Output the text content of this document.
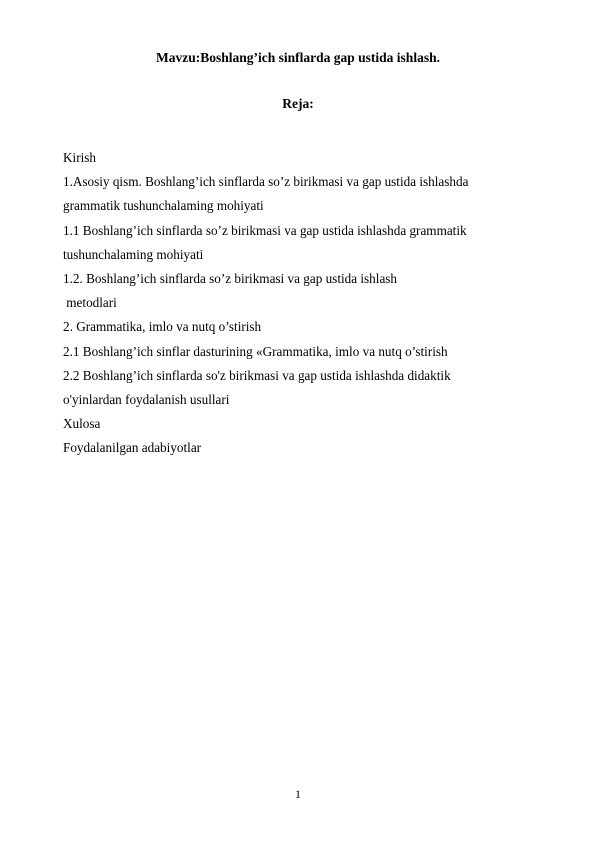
Mavzu:Boshlang’ich sinflarda gap ustida ishlash.
Reja:
Kirish
1.Asosiy qism. Boshlang’ich sinflarda so’z birikmasi va gap ustida ishlashda
grammatik tushunchalaming mohiyati
1.1 Boshlang’ich sinflarda so’z birikmasi va gap ustida ishlashda grammatik
tushunchalaming mohiyati
1.2. Boshlang’ich sinflarda so’z birikmasi va gap ustida ishlash
metodlari
2. Grammatika, imlo va nutq o’stirish
2.1 Boshlang’ich sinflar dasturining «Grammatika, imlo va nutq o’stirish
2.2 Boshlang’ich sinflarda so'z birikmasi va gap ustida ishlashda didaktik
o'yinlardan foydalanish usullari
Xulosa
Foydalanilgan adabiyotlar
1
